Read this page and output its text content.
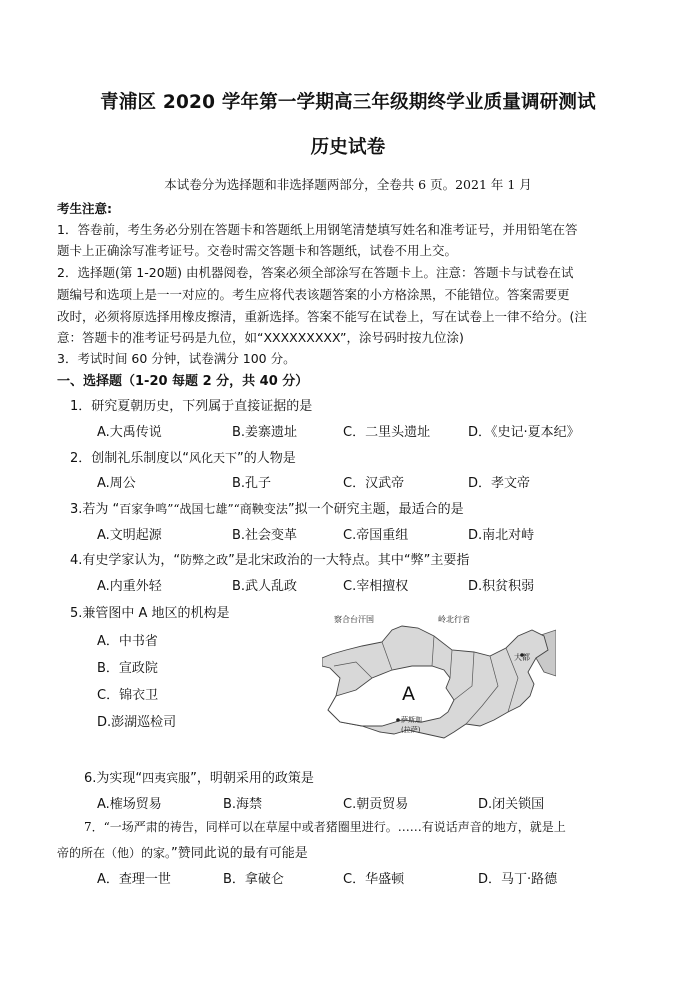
青浦区 2020 学年第一学期高三年级期终学业质量调研测试
历史试卷
本试卷分为选择题和非选择题两部分，全卷共 6 页。2021 年 1 月
考生注意:
1．答卷前，考生务必分别在答题卡和答题纸上用钢笔清楚填写姓名和准考证号，并用铅笔在答
题卡上正确涂写准考证号。交卷时需交答题卡和答题纸，试卷不用上交。
2．选择题(第 1-20题) 由机器阅卷，答案必须全部涂写在答题卡上。注意：答题卡与试卷在试
题编号和选项上是一一对应的。考生应将代表该题答案的小方格涂黑，不能错位。答案需要更
改时，必须将原选择用橡皮擦清，重新选择。答案不能写在试卷上，写在试卷上一律不给分。(注
意：答题卡的准考证号码是九位，如“XXXXXXXXX”，涂号码时按九位涂)
3．考试时间 60 分钟，试卷满分 100 分。
一、选择题（1-20 每题 2 分，共 40 分）
1．研究夏朝历史，下列属于直接证据的是
A.大禹传说	B.姜寨遗址	C．二里头遗址	D．《史记·夏本纪》
2．创制礼乐制度以“风化天下”的人物是
A.周公	B.孔子	C．汉武帝	D．孝文帝
3.若为 “百家争鸣”“战国七雄”“商鞅变法”拟一个研究主题，最适合的是
A.文明起源	B.社会变革	C.帝国重组	D.南北对峙
4.有史学家认为，“防弊之政”是北宋政治的一大特点。其中“弊”主要指
A.内重外轻	B.武人乱政	C.宰相擅权	D.积贫积弱
5.兼管图中 A 地区的机构是
A．中书省
B．宣政院
C．锦衣卫
D.澎湖巡检司
察合台汗国	岭北行省
大都
A
萨斯迦
(拉萨)
6.为实现“四夷宾服”，明朝采用的政策是
A.榷场贸易	B.海禁	C.朝贡贸易	D.闭关锁国
7．“一场严肃的祷告，同样可以在草屋中或者猪圈里进行。……有说话声音的地方，就是上
帝的所在（他）的家。”赞同此说的最有可能是
A．查理一世	B．拿破仑	C．华盛顿	D．马丁·路德
